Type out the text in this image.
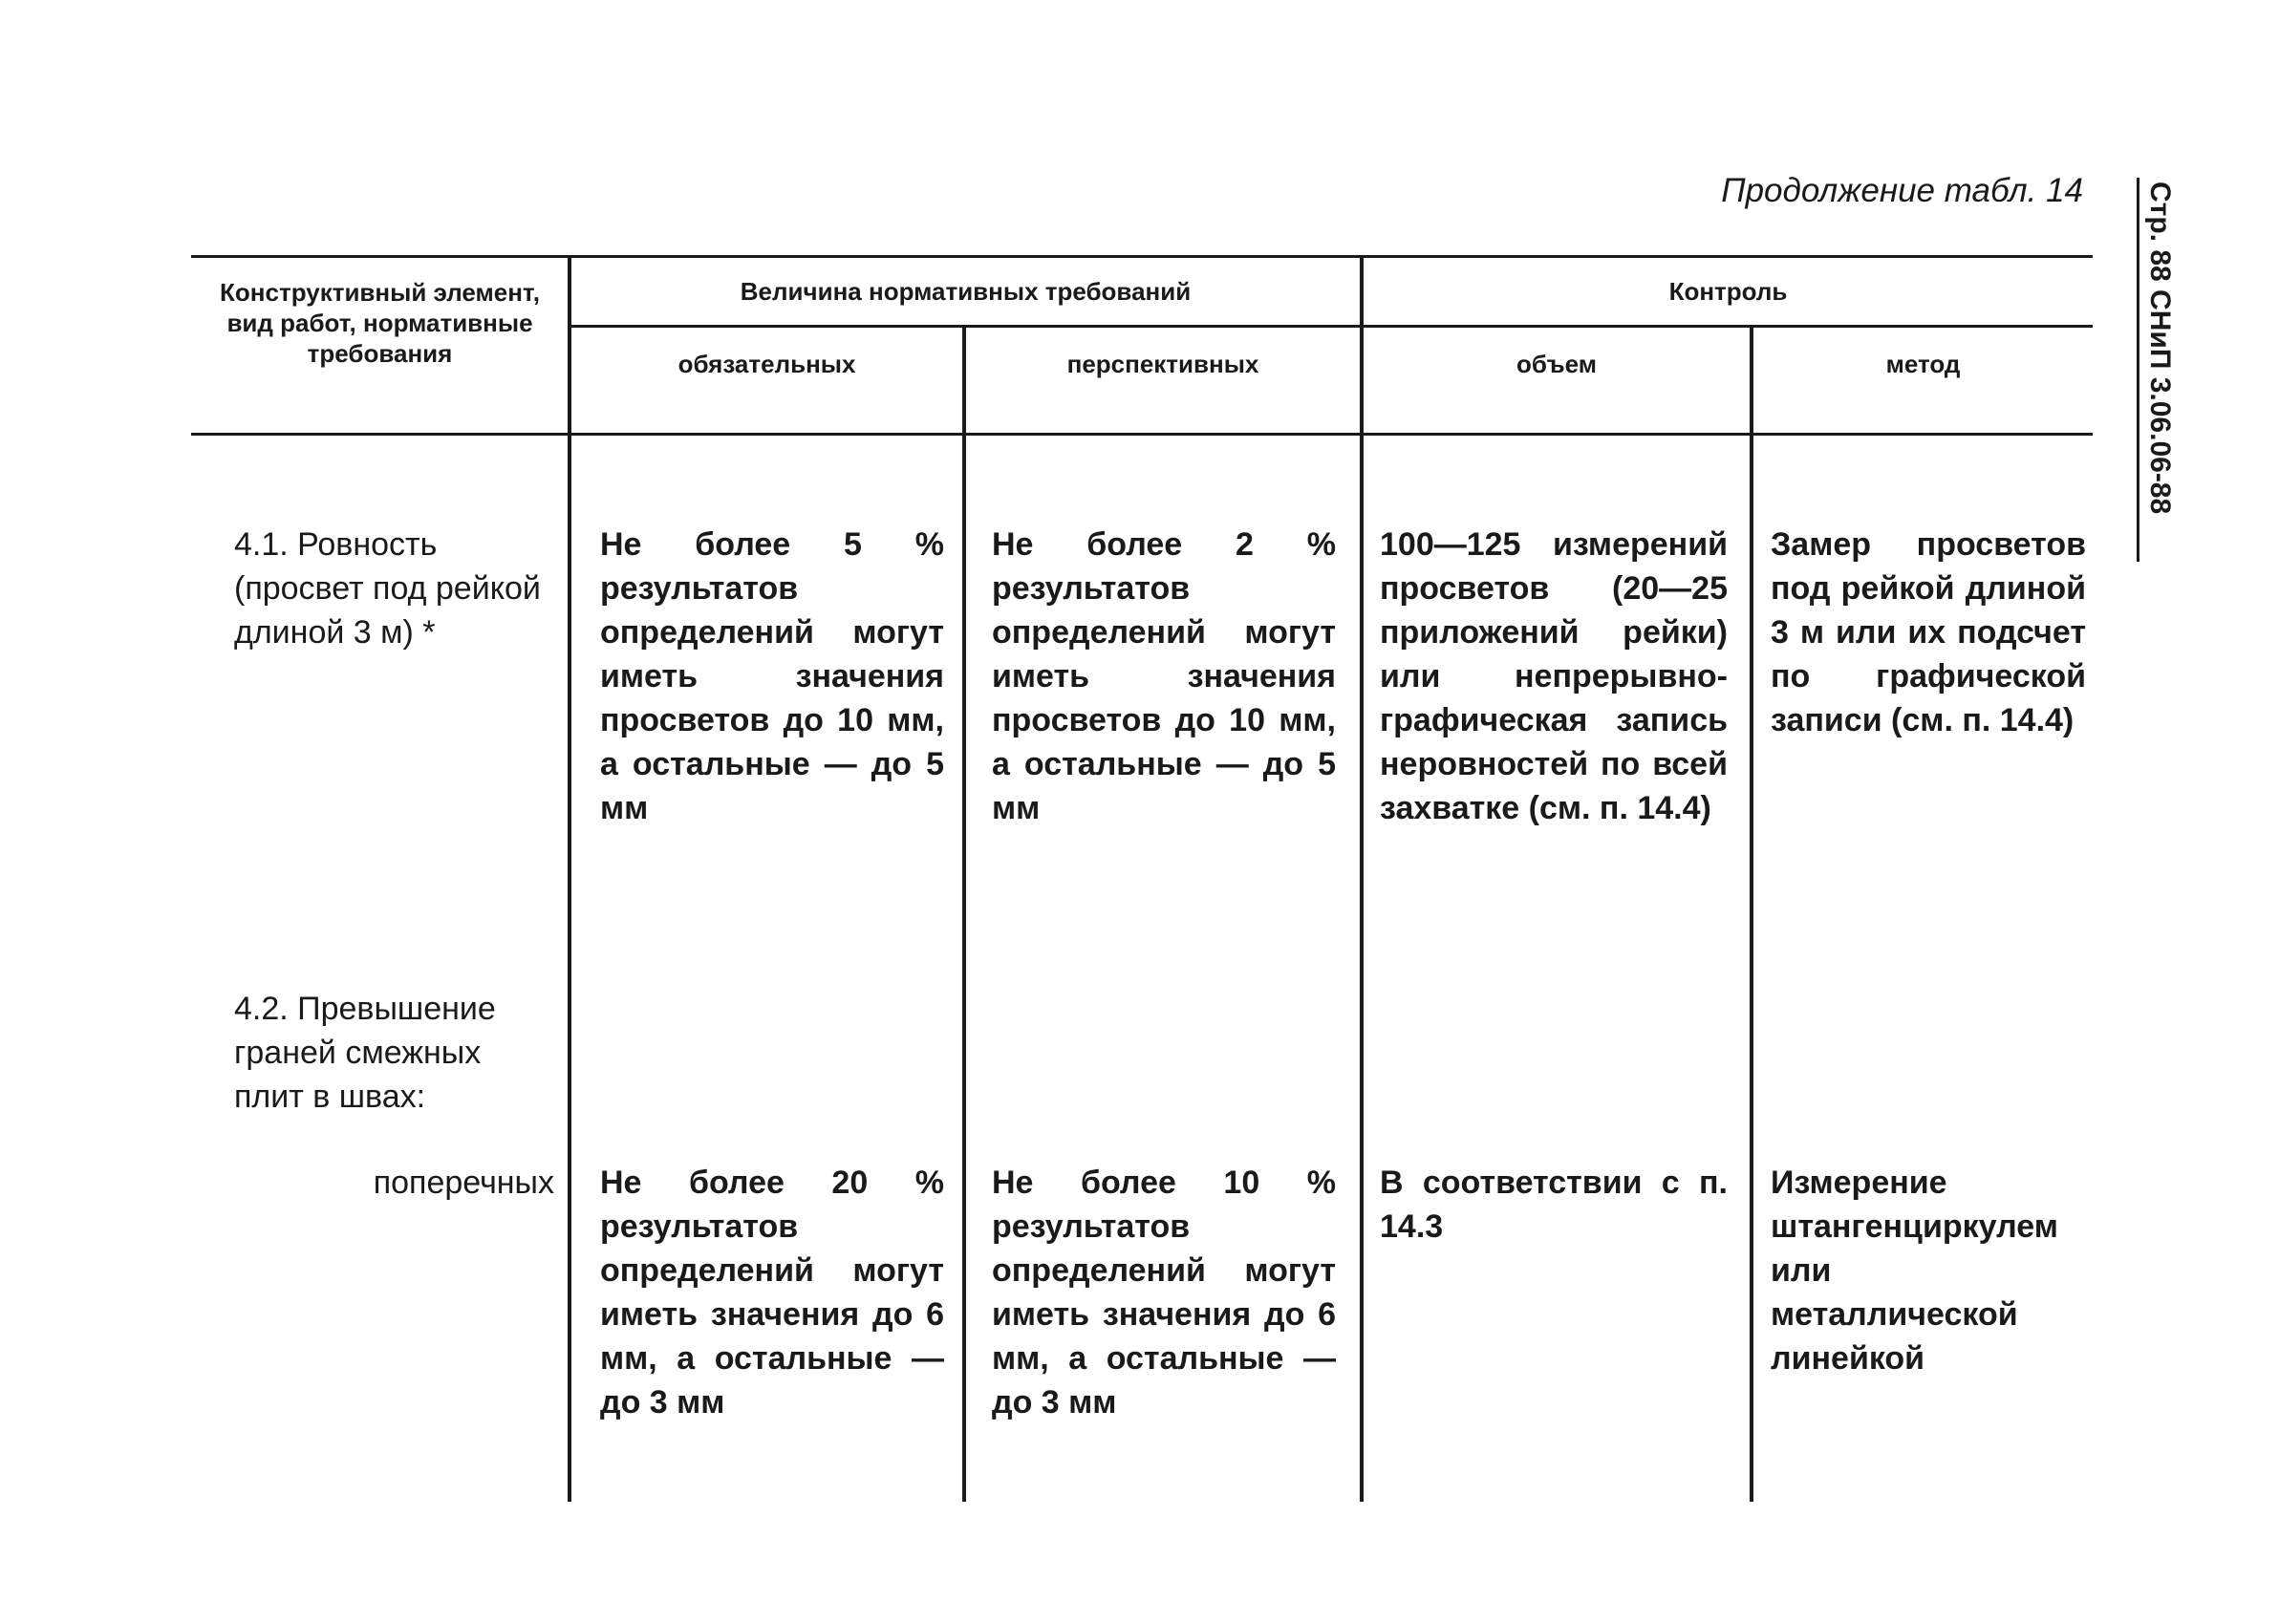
Продолжение табл. 14 Стр. 88 СНиП 3.06.06-88
Конструктивный элемент, вид работ, нормативные требования
Величина нормативных требований
обязательных	перспективных
Контроль
объем	метод
4.1. Ровность
(просвет под рейкой длиной 3 м) *
Не более 5 % результатов определений могут иметь значения просветов до 10 мм, а остальные — до 5 мм
Не более 2 % результатов определений могут иметь значения просветов до 10 мм, а остальные — до 5 мм
100—125 измерений просветов (20—25 приложений рейки) или непрерывно-графическая запись неровностей по всей захватке (см. п. 14.4)
Замер просветов под рейкой длиной 3 м или их подсчет по графической записи (см. п. 14.4)
4.2. Превышение
граней смежных плит в швах:
поперечных Не более 20 % результатов определений могут иметь значения до 6 мм, а остальные — до 3 мм
Не более 10 % результатов определений могут иметь значения до 6 мм, а остальные — до 3 мм
В соответствии с п. 14.3
Измерение штангенциркулем или металлической линейкой
